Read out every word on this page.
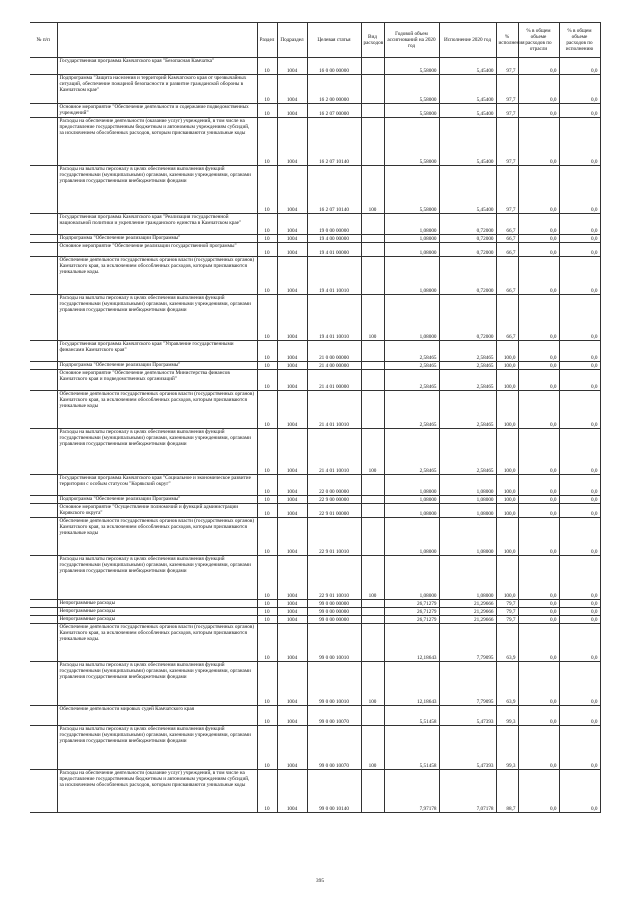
№ п/п		Раздел	Подраздел	Целевая статья	Вид расходов	Годовой объем ассигнований на 2020 год	Исполнение 2020 год	% исполнения	% в общем объеме расходов по отрасли	% в общем объеме расходов по исполнению
	Государственная программа Камчатского края "Безопасная Камчатка"	10	1004	16 0 00 00000		5,58000	5,45400	97,7	0,0	0,0
	Подпрограмма "Защита населения и территорий Камчатского края от чрезвычайных ситуаций, обеспечение пожарной безопасности и развитие гражданской обороны в Камчатском крае"	10	1004	16 2 00 00000		5,58000	5,45400	97,7	0,0	0,0
	Основное мероприятие "Обеспечение деятельности и содержание подведомственных учреждений"	10	1004	16 2 07 00000		5,58000	5,45400	97,7	0,0	0,0
	Расходы на обеспечение деятельности (оказание услуг) учреждений, в том числе на предоставление государственным бюджетным и автономным учреждениям субсидий, за исключением обособленных расходов, которым присваиваются уникальные коды	10	1004	16 2 07 10140		5,58000	5,45400	97,7	0,0	0,0
	Расходы на выплаты персоналу в целях обеспечения выполнения функций государственными (муниципальными) органами, казенными учреждениями, органами управления государственными внебюджетными фондами	10	1004	16 2 07 10140	100	5,58000	5,45400	97,7	0,0	0,0
	Государственная программа Камчатского края "Реализация государственной национальной политики и укрепление гражданского единства в Камчатском крае"	10	1004	19 0 00 00000		1,08000	0,72000	66,7	0,0	0,0
	Подпрограмма "Обеспечение реализации Программы"	10	1004	19 4 00 00000		1,08000	0,72000	66,7	0,0	0,0
	Основное мероприятие "Обеспечение реализации государственной программы"	10	1004	19 4 01 00000		1,08000	0,72000	66,7	0,0	0,0
	Обеспечение деятельности государственных органов власти (государственных органов) Камчатского края, за исключением обособленных расходов, которым присваиваются уникальные коды.	10	1004	19 4 01 10010		1,08000	0,72000	66,7	0,0	0,0
	Расходы на выплаты персоналу в целях обеспечения выполнения функций государственными (муниципальными) органами, казенными учреждениями, органами управления государственными внебюджетными фондами	10	1004	19 4 01 10010	100	1,08000	0,72000	66,7	0,0	0,0
	Государственная программа Камчатского края "Управление государственными финансами Камчатского края"	10	1004	21 0 00 00000		2,58465	2,58465	100,0	0,0	0,0
	Подпрограмма "Обеспечение реализации Программы"	10	1004	21 4 00 00000		2,58465	2,58465	100,0	0,0	0,0
	Основное мероприятие "Обеспечение деятельности Министерства финансов Камчатского края и подведомственных организаций"	10	1004	21 4 01 00000		2,58465	2,58465	100,0	0,0	0,0
	Обеспечение деятельности государственных органов власти (государственных органов) Камчатского края, за исключением обособленных расходов, которым присваиваются уникальные коды	10	1004	21 4 01 10010		2,58465	2,58465	100,0	0,0	0,0
	Расходы на выплаты персоналу в целях обеспечения выполнения функций государственными (муниципальными) органами, казенными учреждениями, органами управления государственными внебюджетными фондами	10	1004	21 4 01 10010	100	2,58465	2,58465	100,0	0,0	0,0
	Государственная программа Камчатского края "Социальное и экономическое развитие территории с особым статусом "Корякский округ"	10	1004	22 0 00 00000		1,08000	1,08000	100,0	0,0	0,0
	Подпрограмма "Обеспечение реализации Программы"	10	1004	22 9 00 00000		1,08000	1,08000	100,0	0,0	0,0
	Основное мероприятие "Осуществление полномочий и функций администрации Корякского округа"	10	1004	22 9 01 00000		1,08000	1,08000	100,0	0,0	0,0
	Обеспечение деятельности государственных органов власти (государственных органов) Камчатского края, за исключением обособленных расходов, которым присваиваются уникальные коды	10	1004	22 9 01 10010		1,08000	1,08000	100,0	0,0	0,0
	Расходы на выплаты персоналу в целях обеспечения выполнения функций государственными (муниципальными) органами, казенными учреждениями, органами управления государственными внебюджетными фондами	10	1004	22 9 01 10010	100	1,08000	1,08000	100,0	0,0	0,0
	Непрограммные расходы	10	1004	99 0 00 00000		26,71279	21,29666	79,7	0,0	0,0
	Непрограммные расходы	10	1004	99 0 00 00000		26,71279	21,29666	79,7	0,0	0,0
	Непрограммные расходы	10	1004	99 0 00 00000		26,71279	21,29666	79,7	0,0	0,0
	Обеспечение деятельности государственных органов власти (государственных органов) Камчатского края, за исключением обособленных расходов, которым присваиваются уникальные коды.	10	1004	99 0 00 10010		12,18643	7,79095	63,9	0,0	0,0
	Расходы на выплаты персоналу в целях обеспечения выполнения функций государственными (муниципальными) органами, казенными учреждениями, органами управления государственными внебюджетными фондами	10	1004	99 0 00 10010	100	12,18643	7,79095	63,9	0,0	0,0
	Обеспечение деятельности мировых судей Камчатского края	10	1004	99 0 00 10070		5,51458	5,47393	99,3	0,0	0,0
	Расходы на выплаты персоналу в целях обеспечения выполнения функций государственными (муниципальными) органами, казенными учреждениями, органами управления государственными внебюджетными фондами	10	1004	99 0 00 10070	100	5,51458	5,47393	99,3	0,0	0,0
	Расходы на обеспечение деятельности (оказание услуг) учреждений, в том числе на предоставление государственным бюджетным и автономным учреждениям субсидий, за исключением обособленных расходов, которым присваиваются уникальные коды	10	1004	99 0 00 10140		7,97178	7,07178	88,7	0,0	0,0
395
